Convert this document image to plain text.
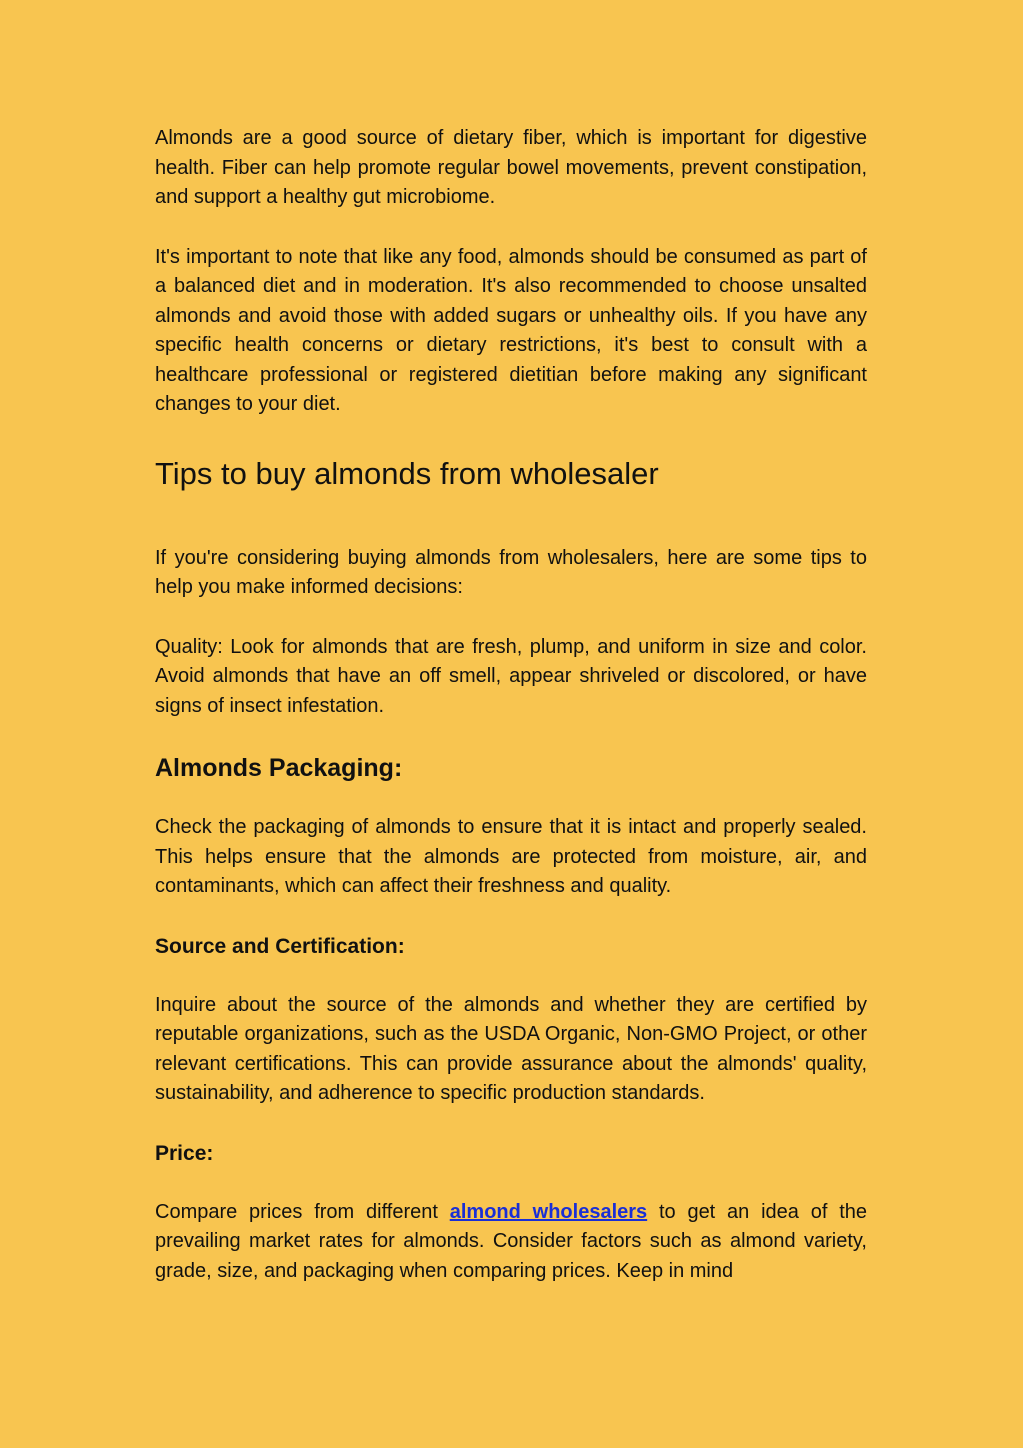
Almonds are a good source of dietary fiber, which is important for digestive health. Fiber can help promote regular bowel movements, prevent constipation, and support a healthy gut microbiome.

It's important to note that like any food, almonds should be consumed as part of a balanced diet and in moderation. It's also recommended to choose unsalted almonds and avoid those with added sugars or unhealthy oils. If you have any specific health concerns or dietary restrictions, it's best to consult with a healthcare professional or registered dietitian before making any significant changes to your diet.

Tips to buy almonds from wholesaler

If you're considering buying almonds from wholesalers, here are some tips to help you make informed decisions:

Quality: Look for almonds that are fresh, plump, and uniform in size and color. Avoid almonds that have an off smell, appear shriveled or discolored, or have signs of insect infestation.

Almonds Packaging:

Check the packaging of almonds to ensure that it is intact and properly sealed. This helps ensure that the almonds are protected from moisture, air, and contaminants, which can affect their freshness and quality.

Source and Certification:

Inquire about the source of the almonds and whether they are certified by reputable organizations, such as the USDA Organic, Non-GMO Project, or other relevant certifications. This can provide assurance about the almonds' quality, sustainability, and adherence to specific production standards.

Price:

Compare prices from different almond wholesalers to get an idea of the prevailing market rates for almonds. Consider factors such as almond variety, grade, size, and packaging when comparing prices. Keep in mind
